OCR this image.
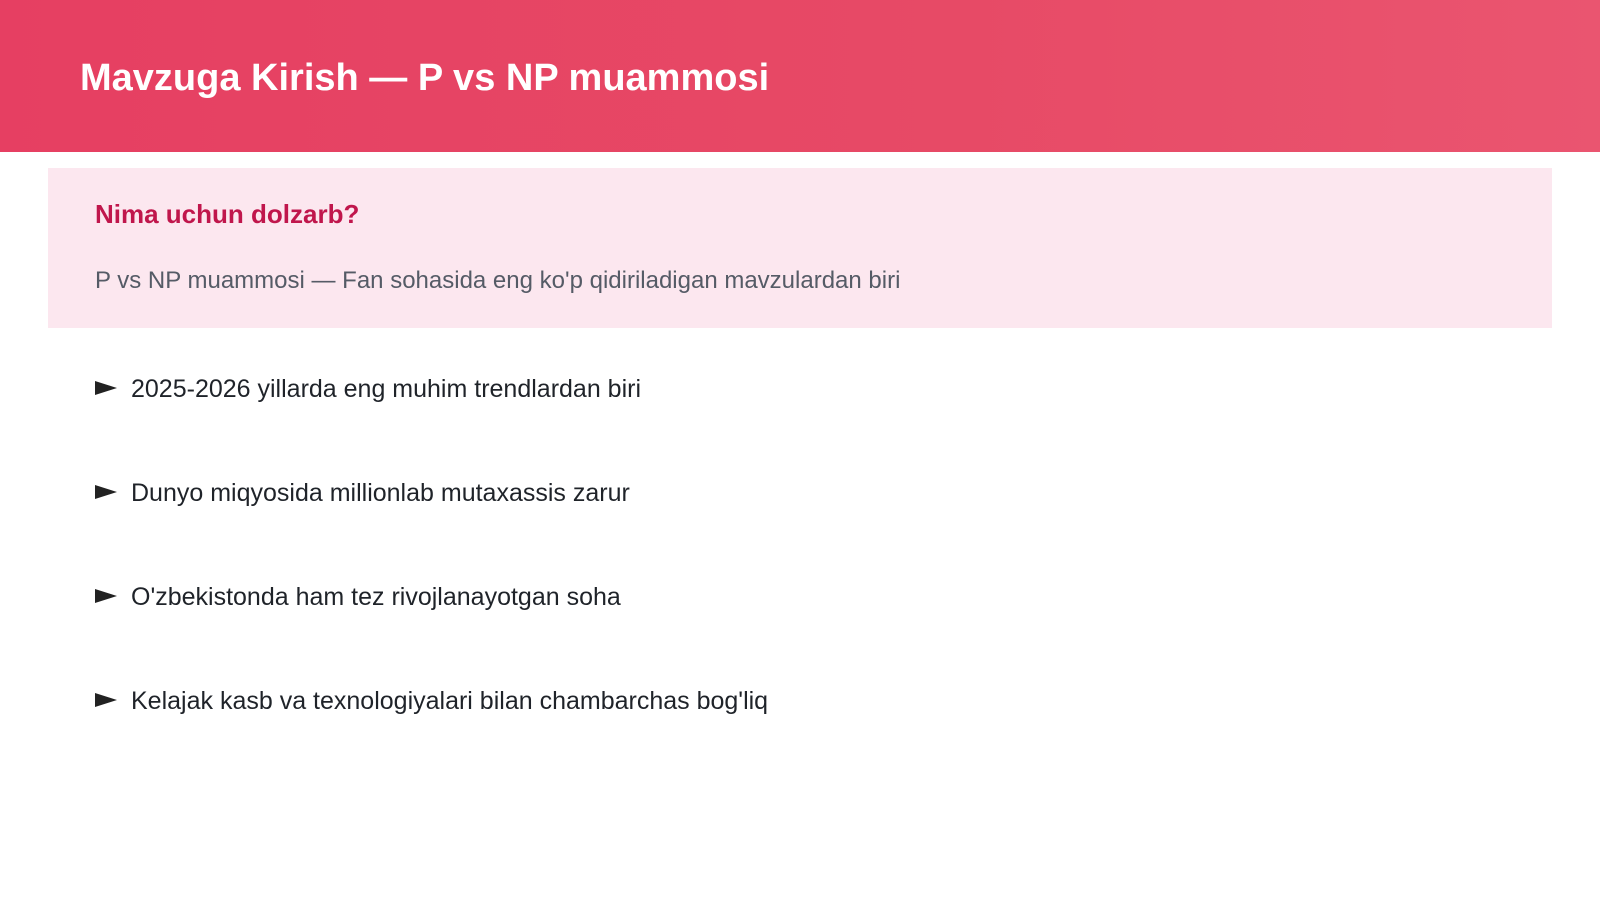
Mavzuga Kirish — P vs NP muammosi
Nima uchun dolzarb?

P vs NP muammosi — Fan sohasida eng ko'p qidiriladigan mavzulardan biri

2025-2026 yillarda eng muhim trendlardan biri
Dunyo miqyosida millionlab mutaxassis zarur
O'zbekistonda ham tez rivojlanayotgan soha
Kelajak kasb va texnologiyalari bilan chambarchas bog'liq
